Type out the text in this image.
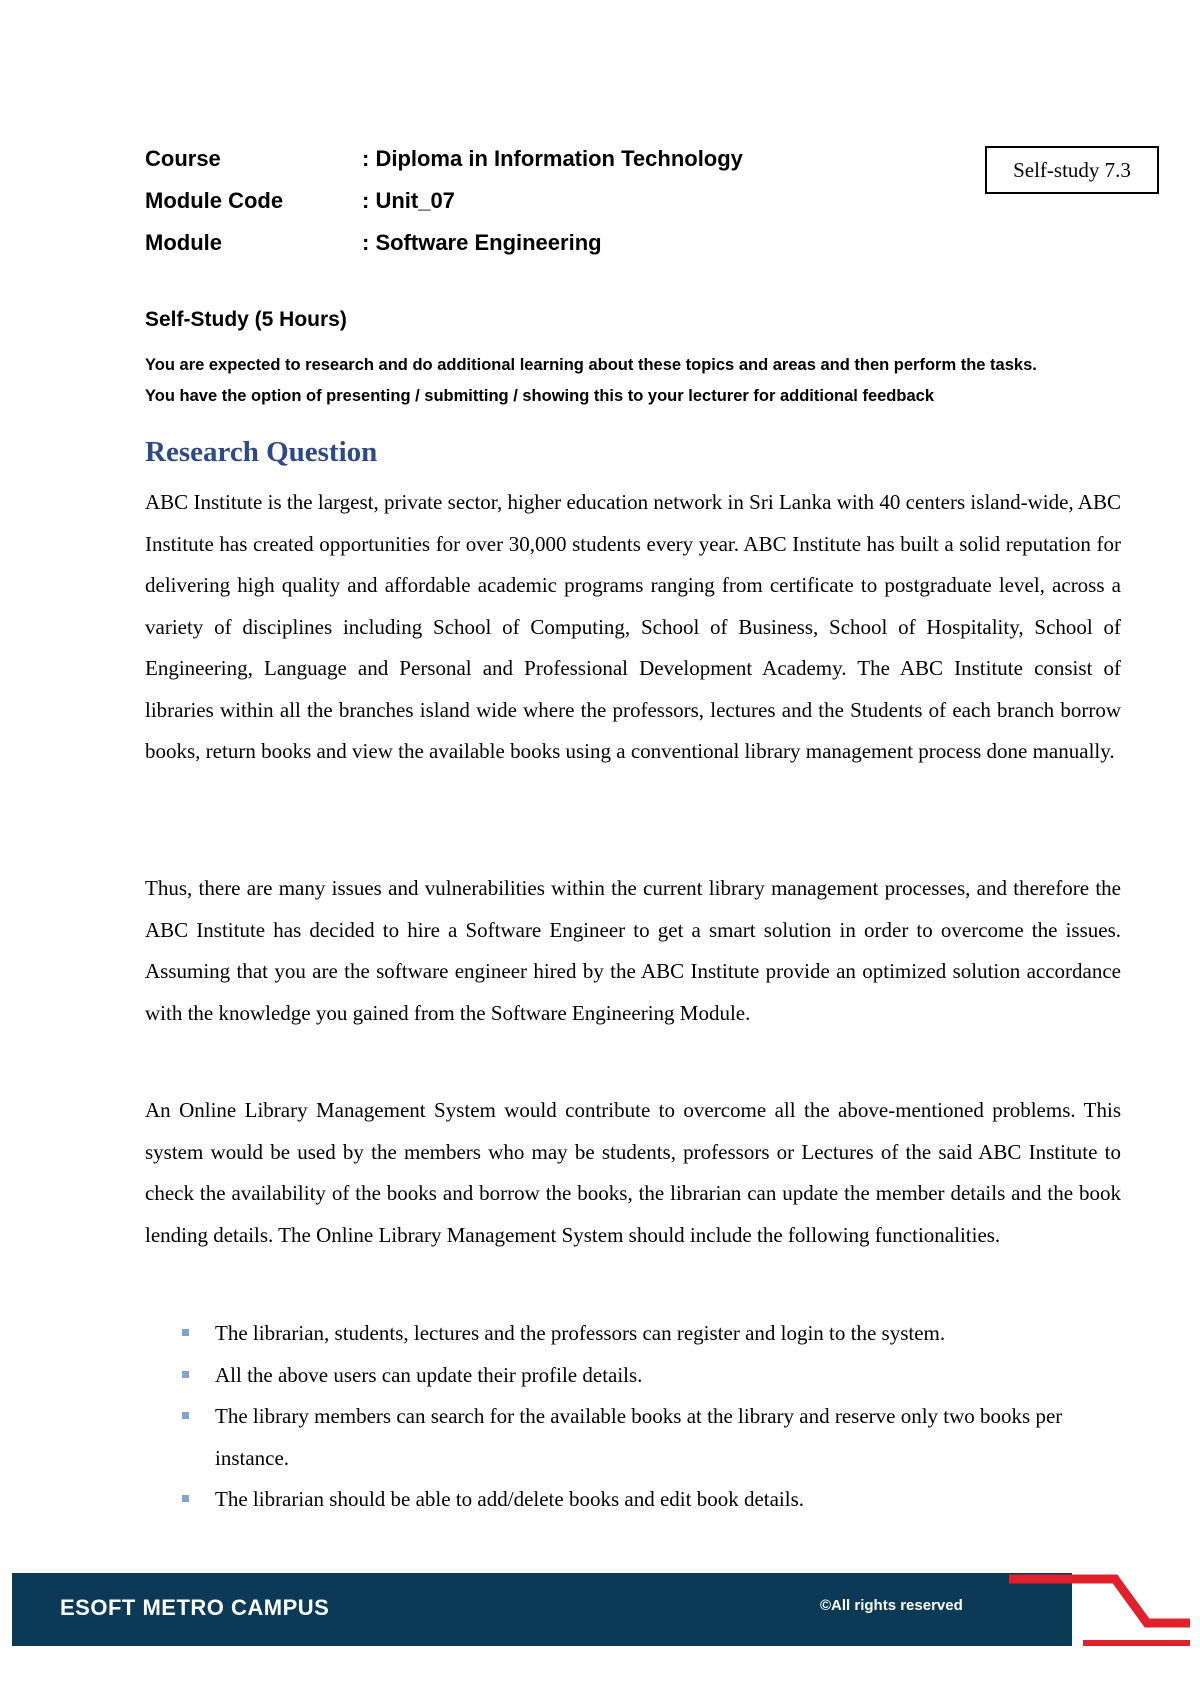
Course	: Diploma in Information Technology
Module Code	: Unit_07
Module	: Software Engineering
Self-study 7.3
Self-Study (5 Hours)
You are expected to research and do additional learning about these topics and areas and then perform the tasks.
You have the option of presenting / submitting / showing this to your lecturer for additional feedback
Research Question

ABC Institute is the largest, private sector, higher education network in Sri Lanka with 40 centers island-wide, ABC Institute has created opportunities for over 30,000 students every year. ABC Institute has built a solid reputation for delivering high quality and affordable academic programs ranging from certificate to postgraduate level, across a variety of disciplines including School of Computing, School of Business, School of Hospitality, School of Engineering, Language and Personal and Professional Development Academy. The ABC Institute consist of libraries within all the branches island wide where the professors, lectures and the Students of each branch borrow books, return books and view the available books using a conventional library management process done manually.

Thus, there are many issues and vulnerabilities within the current library management processes, and therefore the ABC Institute has decided to hire a Software Engineer to get a smart solution in order to overcome the issues. Assuming that you are the software engineer hired by the ABC Institute provide an optimized solution accordance with the knowledge you gained from the Software Engineering Module.

An Online Library Management System would contribute to overcome all the above-mentioned problems. This system would be used by the members who may be students, professors or Lectures of the said ABC Institute to check the availability of the books and borrow the books, the librarian can update the member details and the book lending details. The Online Library Management System should include the following functionalities.

The librarian, students, lectures and the professors can register and login to the system.
All the above users can update their profile details.
The library members can search for the available books at the library and reserve only two books per instance.
The librarian should be able to add/delete books and edit book details.
ESOFT METRO CAMPUS	©All rights reserved
